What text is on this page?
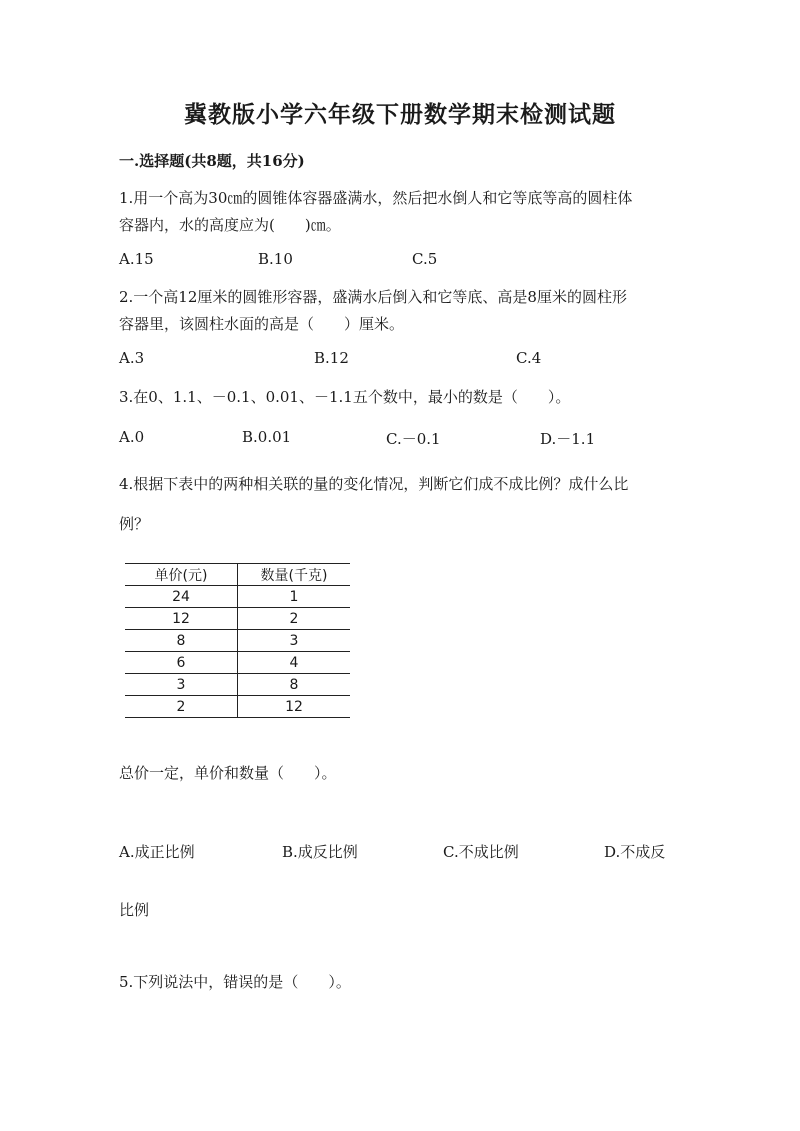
冀教版小学六年级下册数学期末检测试题
一.选择题(共8题，共16分)
1.用一个高为30㎝的圆锥体容器盛满水，然后把水倒人和它等底等高的圆柱体
容器内，水的高度应为(　　)㎝。
A.15	B.10	C.5
2.一个高12厘米的圆锥形容器，盛满水后倒入和它等底、高是8厘米的圆柱形
容器里，该圆柱水面的高是（　　）厘米。
A.3	B.12	C.4
3.在0、1.1、－0.1、0.01、－1.1五个数中，最小的数是（　　）。
A.0	B.0.01	C.－0.1	D.－1.1
4.根据下表中的两种相关联的量的变化情况，判断它们成不成比例？成什么比
例？
单价(元)	数量(千克)
24	1
12	2
8	3
6	4
3	8
2	12
总价一定，单价和数量（　　）。
A.成正比例	B.成反比例	C.不成比例	D.不成反
比例
5.下列说法中，错误的是（　　）。
